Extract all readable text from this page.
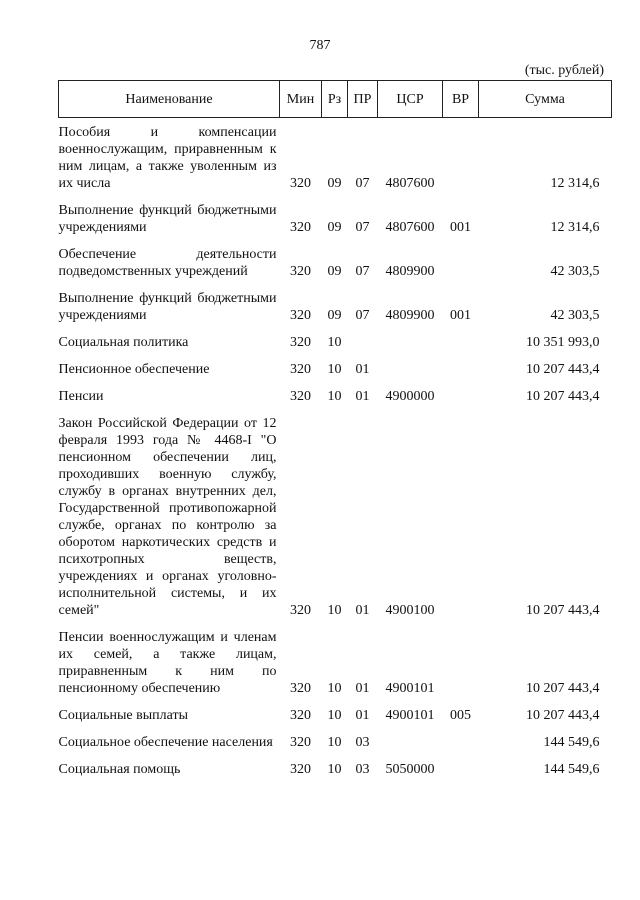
787
(тыс. рублей)
Наименование	Мин	Рз	ПР	ЦСР	ВР	Сумма
Пособия и компенсации военнослужащим, приравненным к ним лицам, а также уволенным из их числа	320	09	07	4807600		12 314,6
Выполнение функций бюджетными учреждениями	320	09	07	4807600	001	12 314,6
Обеспечение деятельности подведомственных учреждений	320	09	07	4809900		42 303,5
Выполнение функций бюджетными учреждениями	320	09	07	4809900	001	42 303,5
Социальная политика	320	10				10 351 993,0
Пенсионное обеспечение	320	10	01			10 207 443,4
Пенсии	320	10	01	4900000		10 207 443,4
Закон Российской Федерации от 12 февраля 1993 года № 4468-I "О пенсионном обеспечении лиц, проходивших военную службу, службу в органах внутренних дел, Государственной противопожарной службе, органах по контролю за оборотом наркотических средств и психотропных веществ, учреждениях и органах уголовно-исполнительной системы, и их семей"	320	10	01	4900100		10 207 443,4
Пенсии военнослужащим и членам их семей, а также лицам, приравненным к ним по пенсионному обеспечению	320	10	01	4900101		10 207 443,4
Социальные выплаты	320	10	01	4900101	005	10 207 443,4
Социальное обеспечение населения	320	10	03			144 549,6
Социальная помощь	320	10	03	5050000		144 549,6
